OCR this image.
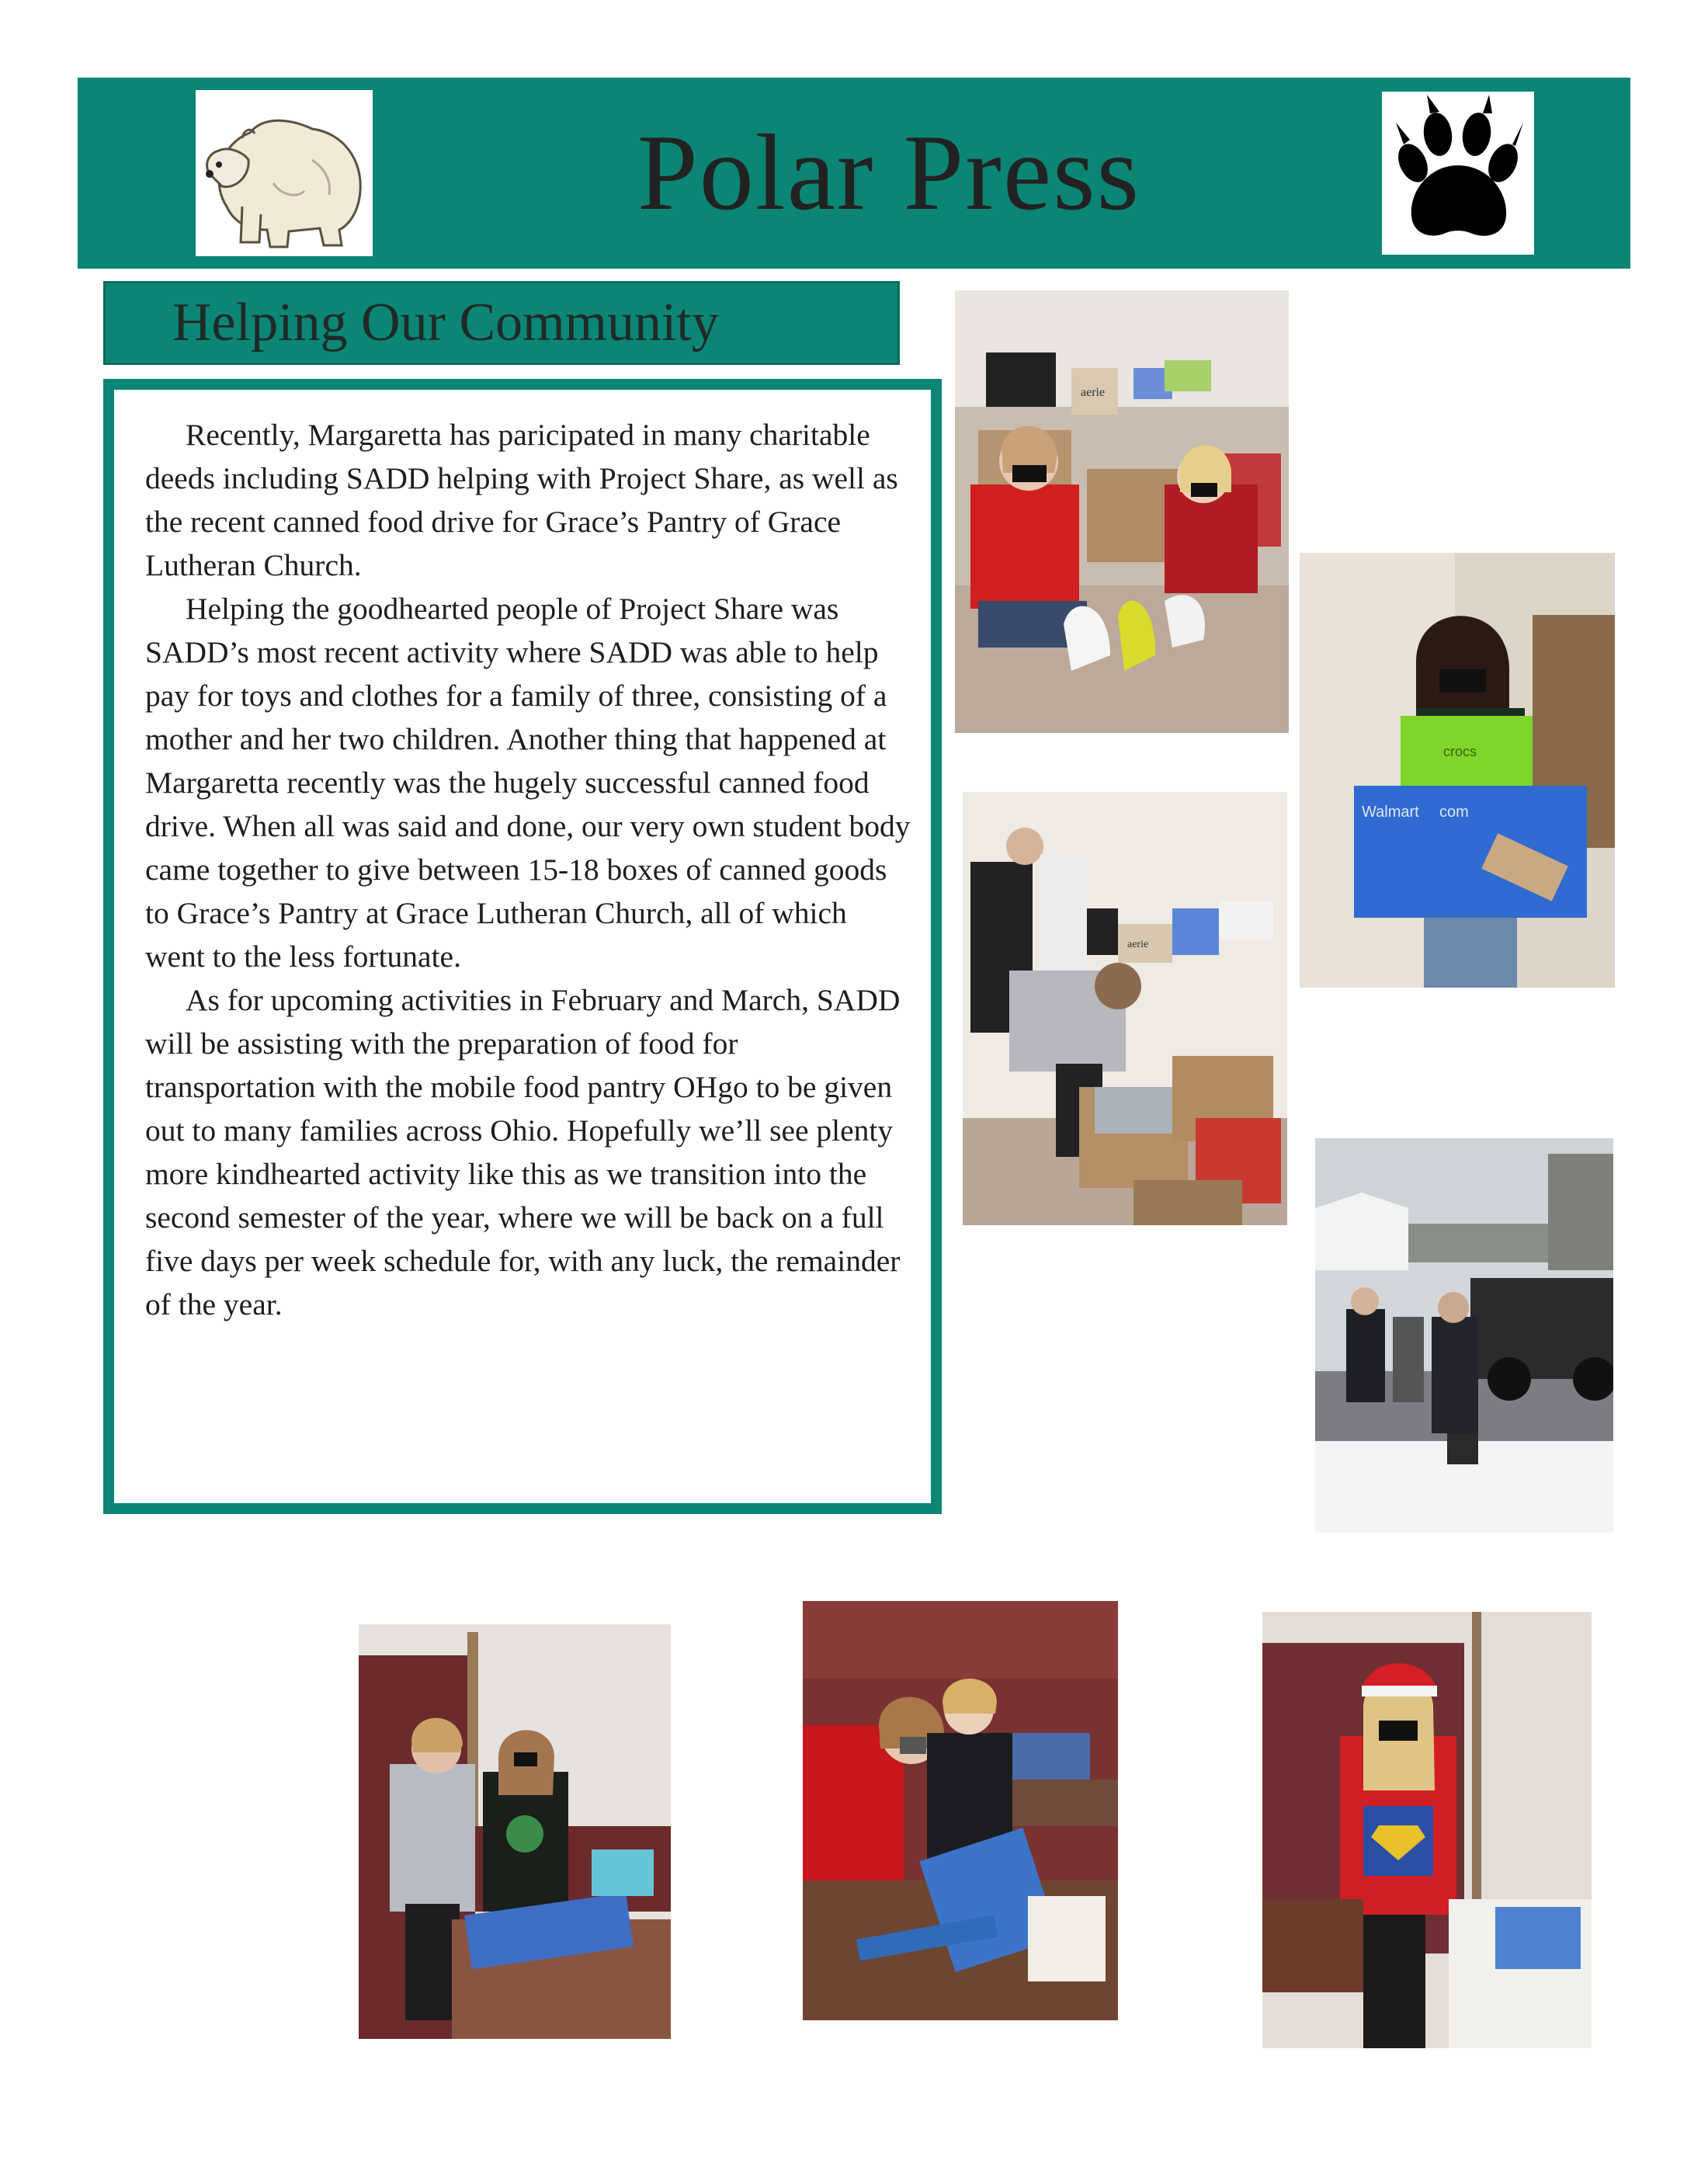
Polar Press
Helping Our Community

Recently, Margaretta has paricipated in many charitable deeds including SADD helping with Project Share, as well as the recent canned food drive for Grace’s Pantry of Grace Lutheran Church.

Helping the goodhearted people of Project Share was SADD’s most recent activity where SADD was able to help pay for toys and clothes for a family of three, consisting of a mother and her two children. Another thing that happened at Margaretta recently was the hugely successful canned food drive. When all was said and done, our very own student body came together to give between 15-18 boxes of canned goods to Grace’s Pantry at Grace Lutheran Church, all of which went to the less fortunate.

As for upcoming activities in February and March, SADD will be assisting with the preparation of food for transportation with the mobile food pantry OHgo to be given out to many families across Ohio. Hopefully we’ll see plenty more kindhearted activity like this as we transition into the second semester of the year, where we will be back on a full five days per week schedule for, with any luck, the remainder of the year.

aerie
crocs
Walmart com
aerie
